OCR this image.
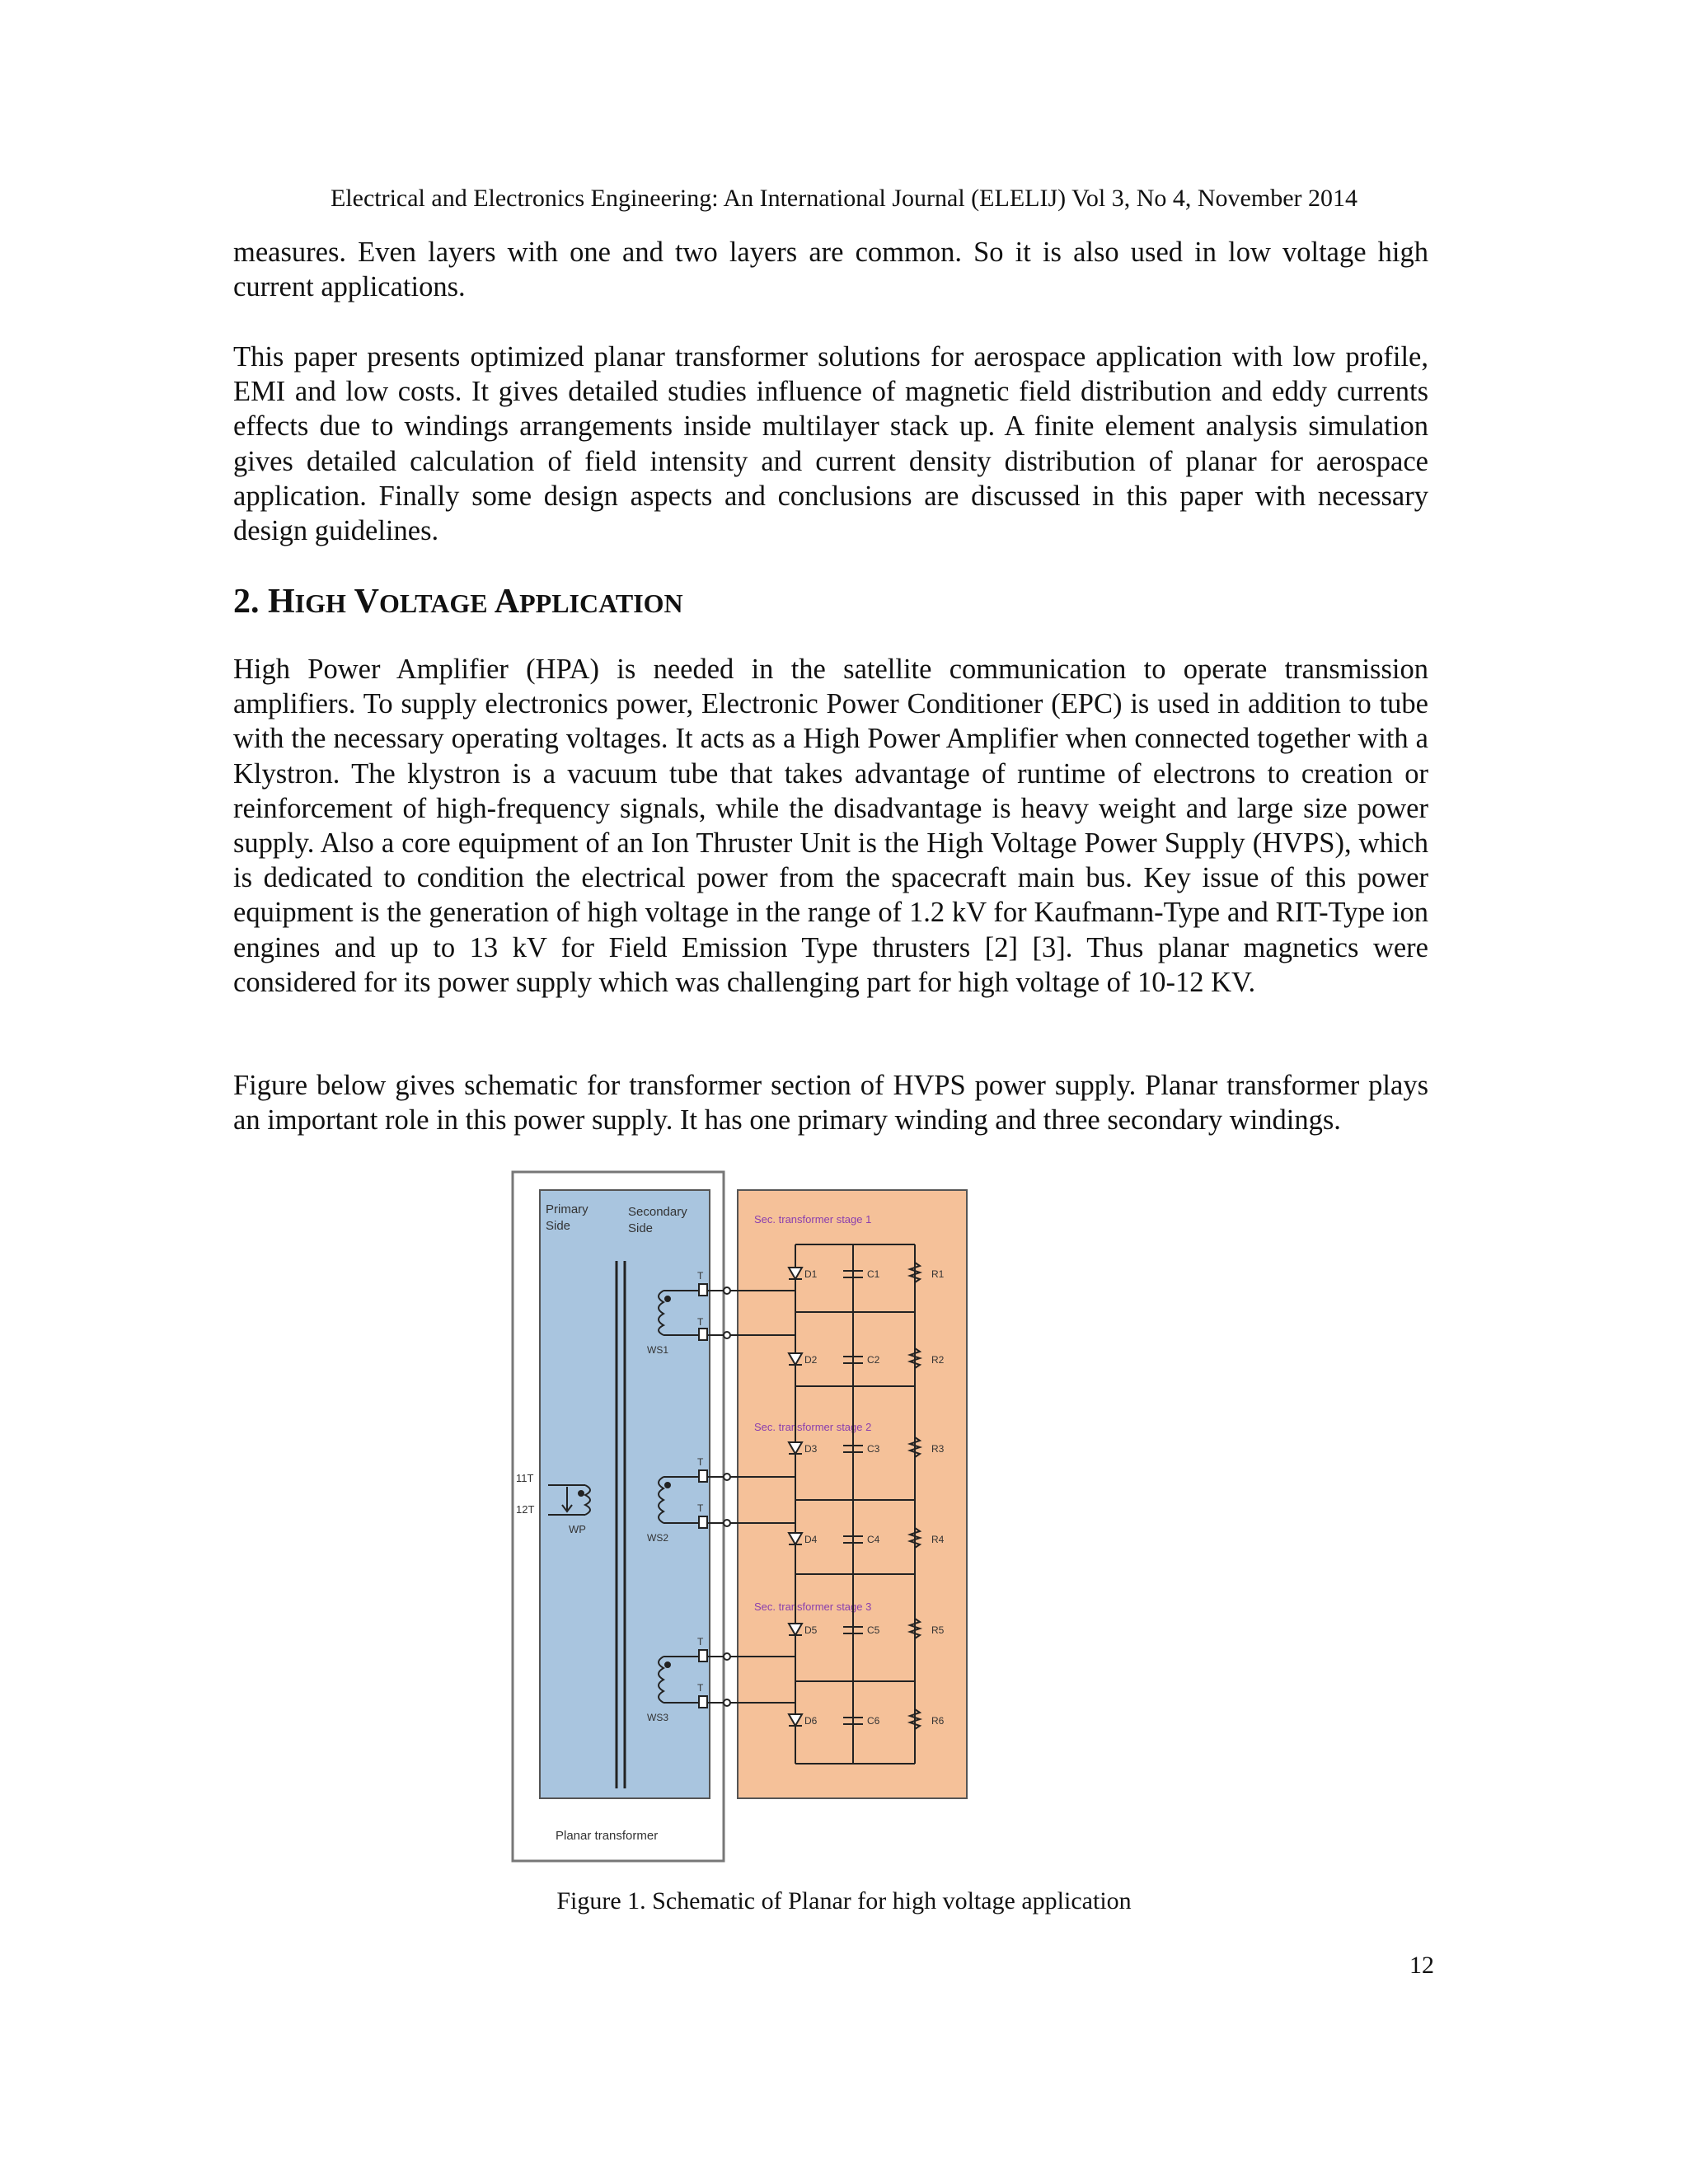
Electrical and Electronics Engineering: An International Journal (ELELIJ) Vol 3, No 4, November 2014

measures. Even layers with one and two layers are common. So it is also used in low voltage high current applications.

This paper presents optimized planar transformer solutions for aerospace application with low profile, EMI and low costs. It gives detailed studies influence of magnetic field distribution and eddy currents effects due to windings arrangements inside multilayer stack up. A finite element analysis simulation gives detailed calculation of field intensity and current density distribution of planar for aerospace application. Finally some design aspects and conclusions are discussed in this paper with necessary design guidelines.

2. HIGH VOLTAGE APPLICATION

High Power Amplifier (HPA) is needed in the satellite communication to operate transmission amplifiers. To supply electronics power, Electronic Power Conditioner (EPC) is used in addition to tube with the necessary operating voltages. It acts as a High Power Amplifier when connected together with a Klystron. The klystron is a vacuum tube that takes advantage of runtime of electrons to creation or reinforcement of high-frequency signals, while the disadvantage is heavy weight and large size power supply. Also a core equipment of an Ion Thruster Unit is the High Voltage Power Supply (HVPS), which is dedicated to condition the electrical power from the spacecraft main bus. Key issue of this power equipment is the generation of high voltage in the range of 1.2 kV for Kaufmann-Type and RIT-Type ion engines and up to 13 kV for Field Emission Type thrusters [2] [3]. Thus planar magnetics were considered for its power supply which was challenging part for high voltage of 10-12 KV.

Figure below gives schematic for transformer section of HVPS power supply. Planar transformer plays an important role in this power supply. It has one primary winding and three secondary windings.

Primary
Side
Secondary
Side
Planar transformer
Sec. transformer stage 1
Sec. transformer stage 2
Sec. transformer stage 3
11T
12T
WP
T
T
WS1
T
T
WS2
T
T
WS3
D1
D2
D3
D4
D5
D6
C1
C2
C3
C4
C5
C6
R1
R2
R3
R4
R5
R6
Figure 1. Schematic of Planar for high voltage application
12
